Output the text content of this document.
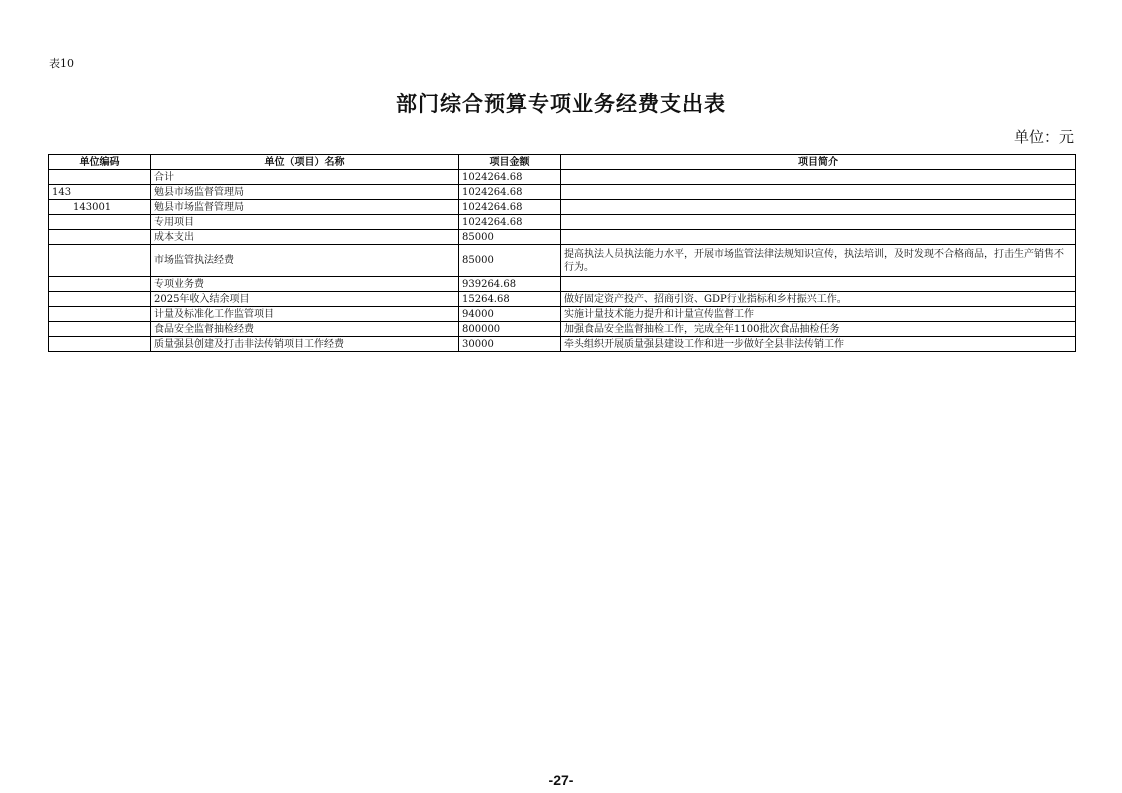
表10
部门综合预算专项业务经费支出表
单位：元
单位编码	单位（项目）名称	项目金额	项目简介
	合计	1024264.68	
143	勉县市场监督管理局	1024264.68	
143001	勉县市场监督管理局	1024264.68	
	专用项目	1024264.68	
	成本支出	85000	
	市场监管执法经费	85000	提高执法人员执法能力水平，开展市场监管法律法规知识宣传，执法培训，及时发现不合格商品，打击生产销售不行为。
	专项业务费	939264.68	
	2025年收入结余项目	15264.68	做好固定资产投产、招商引资、GDP行业指标和乡村振兴工作。
	计量及标准化工作监管项目	94000	实施计量技术能力提升和计量宣传监督工作
	食品安全监督抽检经费	800000	加强食品安全监督抽检工作，完成全年1100批次食品抽检任务
	质量强县创建及打击非法传销项目工作经费	30000	牵头组织开展质量强县建设工作和进一步做好全县非法传销工作
-27-
